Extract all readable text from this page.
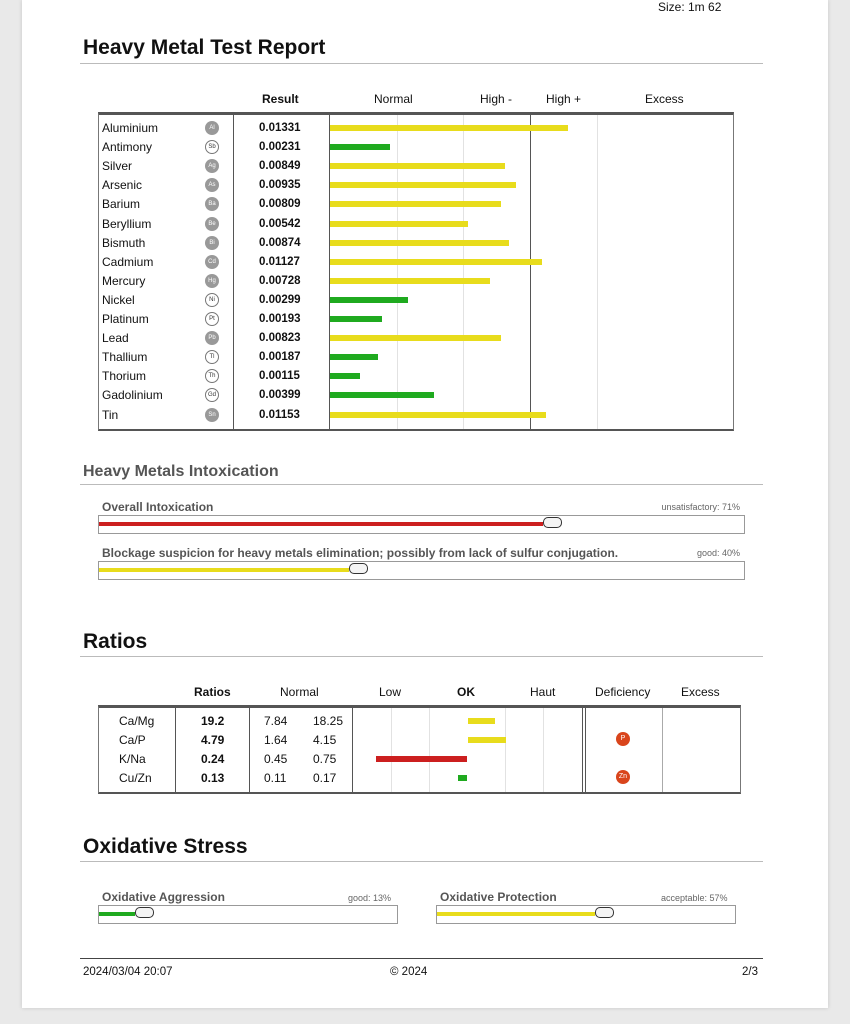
Size: 1m 62
Heavy Metal Test Report
Result	Normal	High -	High +	Excess
Aluminium	Al	0.01331
Antimony	Sb	0.00231
Silver	Ag	0.00849
Arsenic	As	0.00935
Barium	Ba	0.00809
Beryllium	Be	0.00542
Bismuth	Bi	0.00874
Cadmium	Cd	0.01127
Mercury	Hg	0.00728
Nickel	Ni	0.00299
Platinum	Pt	0.00193
Lead	Pb	0.00823
Thallium	Tl	0.00187
Thorium	Th	0.00115
Gadolinium	Gd	0.00399
Tin	Sn	0.01153
Heavy Metals Intoxication
Overall Intoxication	unsatisfactory: 71%
Blockage suspicion for heavy metals elimination; possibly from lack of sulfur conjugation.	good: 40%
Ratios
Ratios	Normal	Low	OK	Haut	Deficiency	Excess
Ca/Mg	19.2	7.84 18.25
Ca/P	4.79	1.64 4.15	P
K/Na	0.24	0.45 0.75
Cu/Zn	0.13	0.11 0.17	Zn
Oxidative Stress
Oxidative Aggression	good: 13%	Oxidative Protection	acceptable: 57%
2024/03/04 20:07	© 2024	2/3
